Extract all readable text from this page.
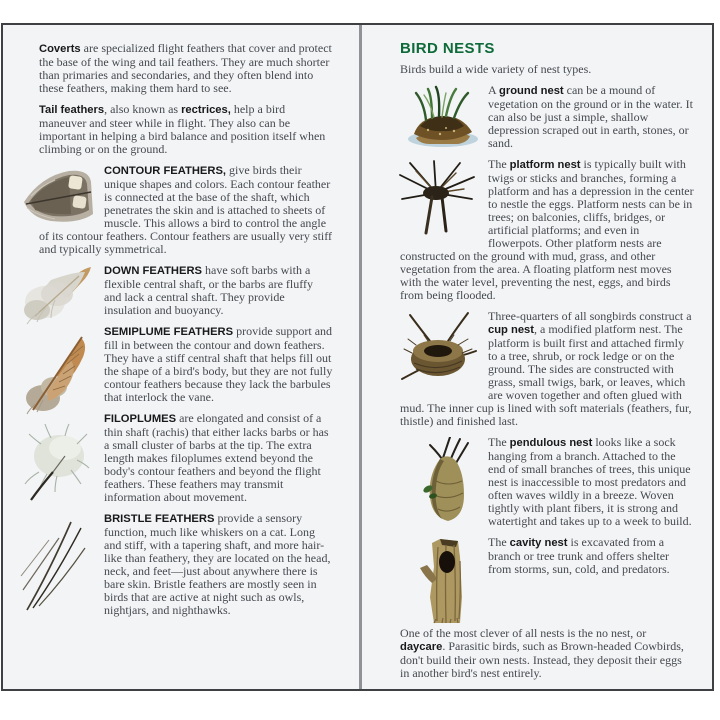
Coverts are specialized flight feathers that cover and protect the base of the wing and tail feathers. They are much shorter than primaries and secondaries, and they often blend into these feathers, making them hard to see.

Tail feathers, also known as rectrices, help a bird maneuver and steer while in flight. They also can be important in helping a bird balance and position itself when climbing or on the ground.

CONTOUR FEATHERS, give birds their unique shapes and colors. Each contour feather is connected at the base of the shaft, which penetrates the skin and is attached to sheets of muscle. This allows a bird to control the angle of its contour feathers. Contour feathers are usually very stiff and typically symmetrical.

DOWN FEATHERS have soft barbs with a flexible central shaft, or the barbs are fluffy and lack a central shaft. They provide insulation and buoyancy.

SEMIPLUME FEATHERS provide support and fill in between the contour and down feathers. They have a stiff central shaft that helps fill out the shape of a bird's body, but they are not fully contour feathers because they lack the barbules that interlock the vane.

FILOPLUMES are elongated and consist of a thin shaft (rachis) that either lacks barbs or has a small cluster of barbs at the tip. The extra length makes filoplumes extend beyond the body's contour feathers and beyond the flight feathers. These feathers may transmit information about movement.

BRISTLE FEATHERS provide a sensory function, much like whiskers on a cat. Long and stiff, with a tapering shaft, and more hair-like than feathery, they are located on the head, neck, and feet—just about anywhere there is bare skin. Bristle feathers are mostly seen in birds that are active at night such as owls, nightjars, and nighthawks.

BIRD NESTS

Birds build a wide variety of nest types.

A ground nest can be a mound of vegetation on the ground or in the water. It can also be just a simple, shallow depression scraped out in earth, stones, or sand.

The platform nest is typically built with twigs or sticks and branches, forming a platform and has a depression in the center to nestle the eggs. Platform nests can be in trees; on balconies, cliffs, bridges, or artificial platforms; and even in flowerpots. Other platform nests are constructed on the ground with mud, grass, and other vegetation from the area. A floating platform nest moves with the water level, preventing the nest, eggs, and birds from being flooded.

Three-quarters of all songbirds construct a cup nest, a modified platform nest. The platform is built first and attached firmly to a tree, shrub, or rock ledge or on the ground. The sides are constructed with grass, small twigs, bark, or leaves, which are woven together and often glued with mud. The inner cup is lined with soft materials (feathers, fur, thistle) and finished last.

The pendulous nest looks like a sock hanging from a branch. Attached to the end of small branches of trees, this unique nest is inaccessible to most predators and often waves wildly in a breeze. Woven tightly with plant fibers, it is strong and watertight and takes up to a week to build.

The cavity nest is excavated from a branch or tree trunk and offers shelter from storms, sun, cold, and predators.

One of the most clever of all nests is the no nest, or daycare. Parasitic birds, such as Brown-headed Cowbirds, don't build their own nests. Instead, they deposit their eggs in another bird's nest entirely.
